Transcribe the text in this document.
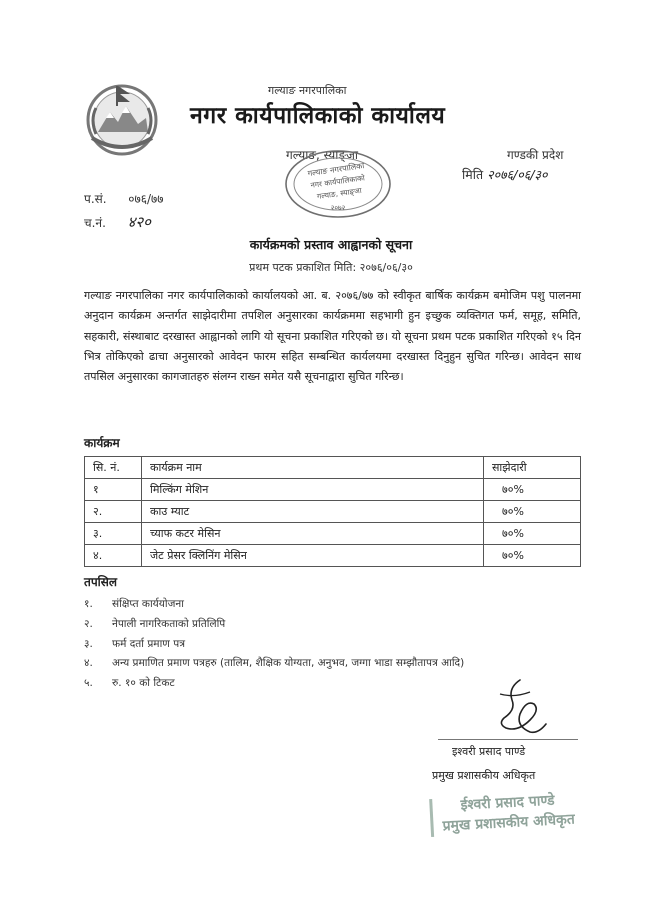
गल्याङ नगरपालिका
नगर कार्यपालिकाको कार्यालय
गल्याङ, स्याङ्जा	गण्डकी प्रदेश
मिति २०७६/०६/३०
गल्याङ नगरपालिका
नगर कार्यपालिकाको
गल्याङ, स्याङ्जा
२०७२
प.सं. ०७६/७७
च.नं. ४२०
कार्यक्रमको प्रस्ताव आह्वानको सूचना
प्रथम पटक प्रकाशित मिति: २०७६/०६/३०
गल्याङ नगरपालिका नगर कार्यपालिकाको कार्यालयको आ. ब. २०७६/७७ को स्वीकृत बार्षिक कार्यक्रम बमोजिम पशु पालनमा अनुदान कार्यक्रम अन्तर्गत साझेदारीमा तपशिल अनुसारका कार्यक्रममा सहभागी हुन इच्छुक व्यक्तिगत फर्म, समूह, समिति, सहकारी, संस्थाबाट दरखास्त आह्वानको लागि यो सूचना प्रकाशित गरिएको छ। यो सूचना प्रथम पटक प्रकाशित गरिएको १५ दिन भित्र तोकिएको ढाचा अनुसारको आवेदन फारम सहित सम्बन्धित कार्यलयमा दरखास्त दिनुहुन सुचित गरिन्छ। आवेदन साथ तपसिल अनुसारका कागजातहरु संलग्न राख्न समेत यसै सूचनाद्वारा सुचित गरिन्छ।
कार्यक्रम
सि. नं.	कार्यक्रम नाम	साझेदारी
१	मिल्किंग मेशिन	७०%
२.	काउ म्याट	७०%
३.	च्याफ कटर मेसिन	७०%
४.	जेट प्रेसर क्लिनिंग मेसिन	७०%
तपसिल
१. संक्षिप्त कार्ययोजना
२. नेपाली नागरिकताको प्रतिलिपि
३. फर्म दर्ता प्रमाण पत्र
४. अन्य प्रमाणित प्रमाण पत्रहरु (तालिम, शैक्षिक योग्यता, अनुभव, जग्गा भाडा सम्झौतापत्र आदि)
५. रु. १० को टिकट
इश्वरी प्रसाद पाण्डे
प्रमुख प्रशासकीय अधिकृत
ईश्वरी प्रसाद पाण्डे
प्रमुख प्रशासकीय अधिकृत
